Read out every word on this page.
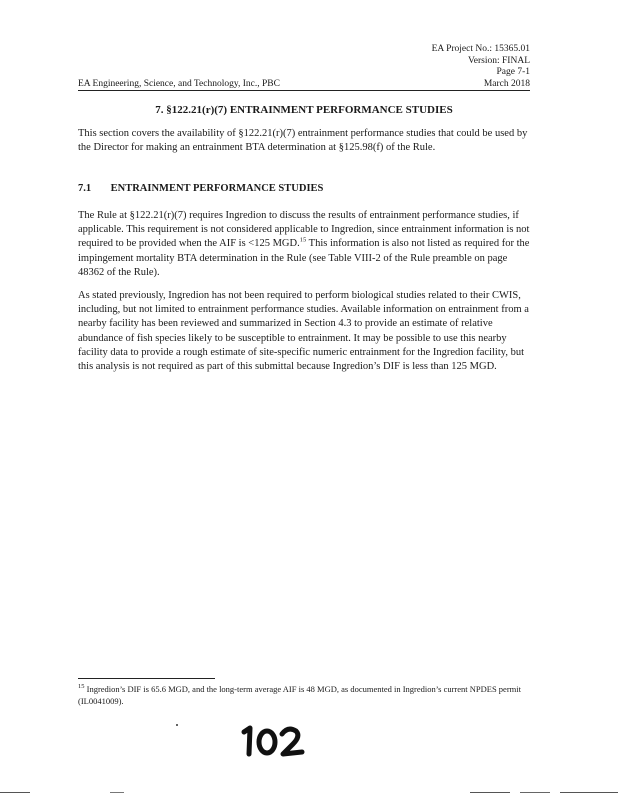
EA Project No.: 15365.01
Version: FINAL
Page 7-1
March 2018
EA Engineering, Science, and Technology, Inc., PBC
7. §122.21(r)(7) ENTRAINMENT PERFORMANCE STUDIES
This section covers the availability of §122.21(r)(7) entrainment performance studies that could be used by the Director for making an entrainment BTA determination at §125.98(f) of the Rule.
7.1 ENTRAINMENT PERFORMANCE STUDIES
The Rule at §122.21(r)(7) requires Ingredion to discuss the results of entrainment performance studies, if applicable. This requirement is not considered applicable to Ingredion, since entrainment information is not required to be provided when the AIF is <125 MGD.$^{15}$ This information is also not listed as required for the impingement mortality BTA determination in the Rule (see Table VIII-2 of the Rule preamble on page 48362 of the Rule).
As stated previously, Ingredion has not been required to perform biological studies related to their CWIS, including, but not limited to entrainment performance studies. Available information on entrainment from a nearby facility has been reviewed and summarized in Section 4.3 to provide an estimate of relative abundance of fish species likely to be susceptible to entrainment. It may be possible to use this nearby facility data to provide a rough estimate of site-specific numeric entrainment for the Ingredion facility, but this analysis is not required as part of this submittal because Ingredion’s DIF is less than 125 MGD.
$^{15}$ Ingredion’s DIF is 65.6 MGD, and the long-term average AIF is 48 MGD, as documented in Ingredion’s current NPDES permit (IL0041009).
